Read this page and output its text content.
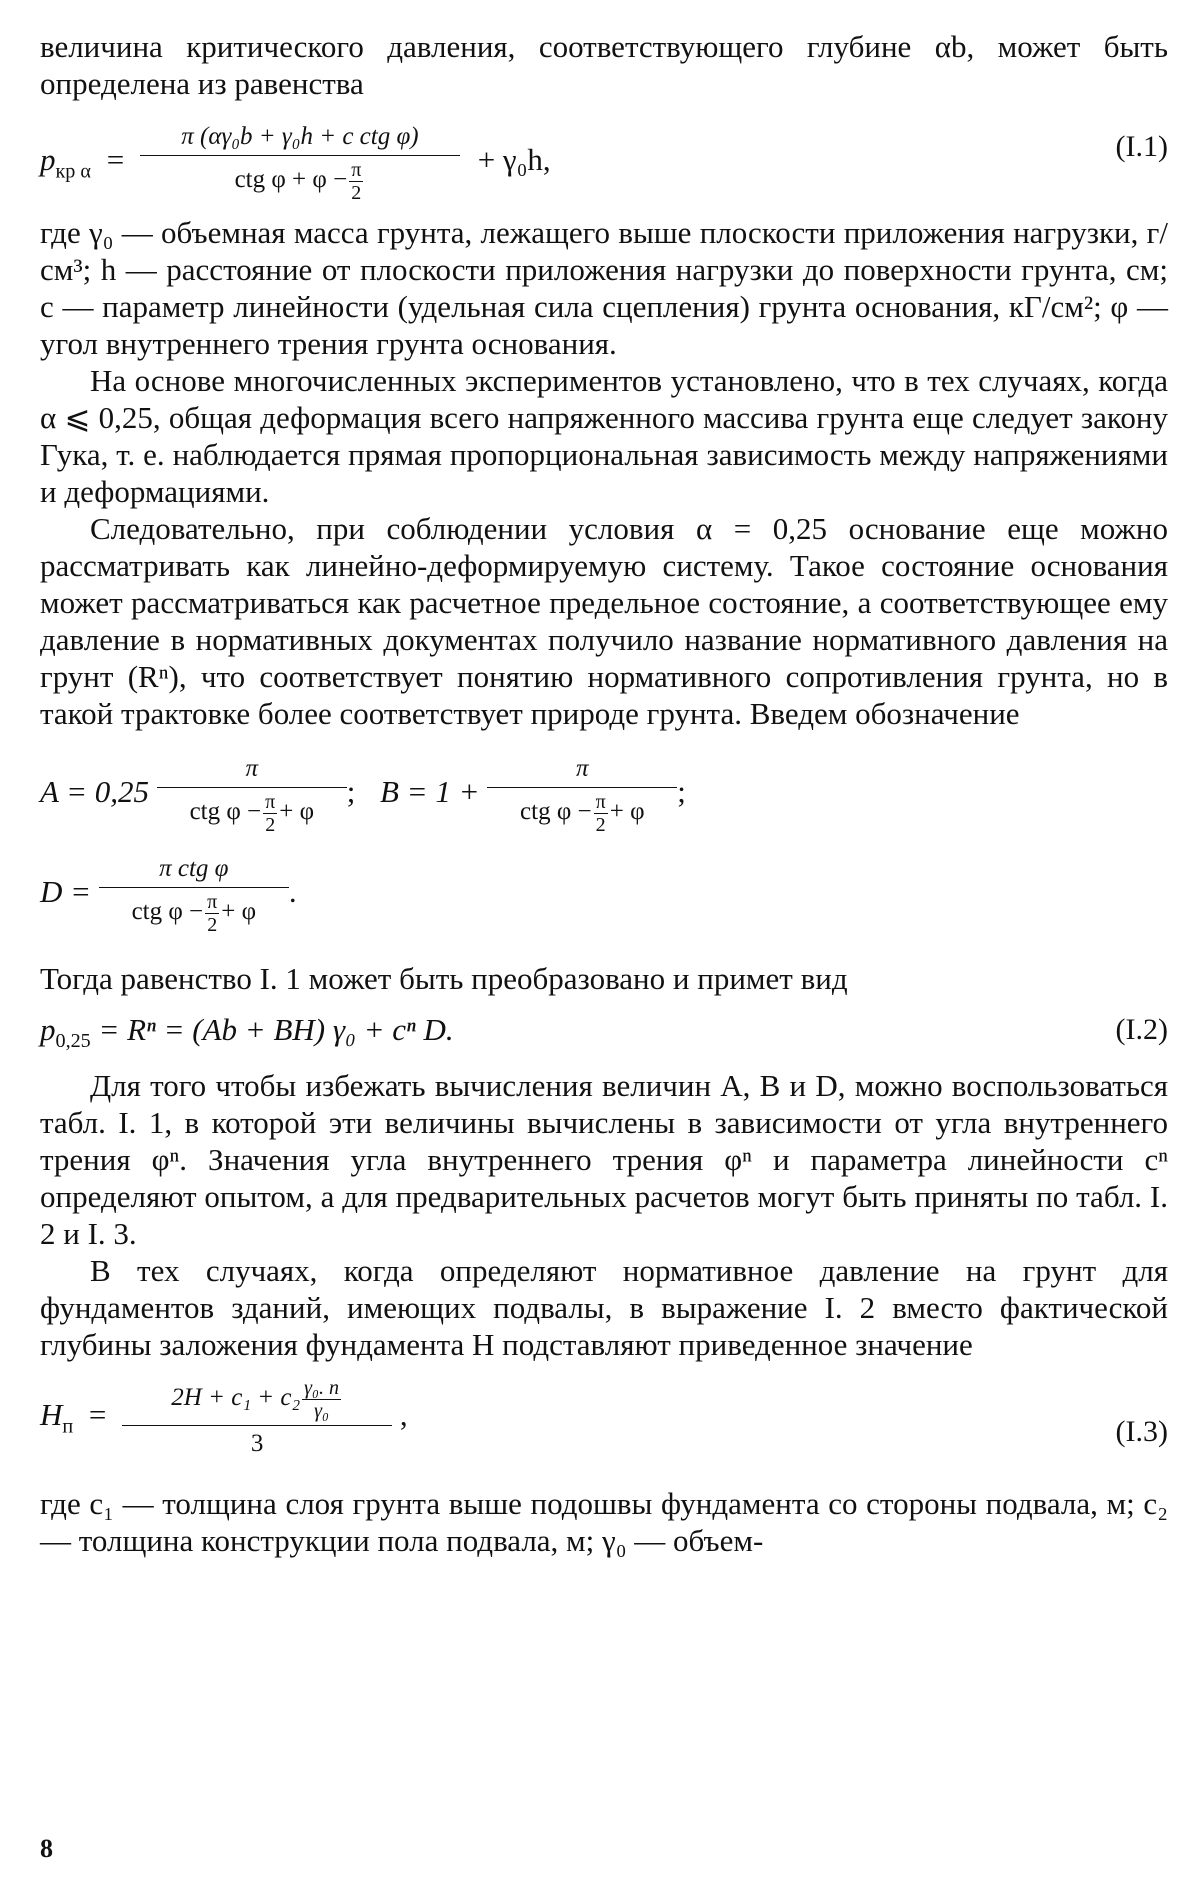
величина критического давления, соответствующего глубине αb, может быть определена из равенства

$p_{кр \alpha} = \frac{\text{π (αγ₀b + γ₀h + c ctg φ)}}{ctg \varphi + \varphi - \frac{\pi}{2}} + \gamma_0h$,	(I.1)

где γ₀ — объемная масса грунта, лежащего выше плоскости приложения нагрузки, г/см³; h — расстояние от плоскости приложения нагрузки до поверхности грунта, см; c — параметр линейности (удельная сила сцепления) грунта основания, кГ/см²; φ — угол внутреннего трения грунта основания.

На основе многочисленных экспериментов установлено, что в тех случаях, когда α ⩽ 0,25, общая деформация всего напряженного массива грунта еще следует закону Гука, т. е. наблюдается прямая пропорциональная зависимость между напряжениями и деформациями.

Следовательно, при соблюдении условия α = 0,25 основание еще можно рассматривать как линейно-деформируемую систему. Такое состояние основания может рассматриваться как расчетное предельное состояние, а соответствующее ему давление в нормативных документах получило название нормативного давления на грунт (Rⁿ), что соответствует понятию нормативного сопротивления грунта, но в такой трактовке более соответствует природе грунта. Введем обозначение

$A = 0,25 \frac{\pi}{ctg \varphi - \frac{\pi}{2} + \varphi}$ ; $B = 1 + \frac{\pi}{ctg \varphi - \frac{\pi}{2} + \varphi}$ ;
$D = \frac{\text{π ctg φ}}{ctg \varphi - \frac{\pi}{2} + \varphi}$ .

Тогда равенство I. 1 может быть преобразовано и примет вид

$p_{0,25} = R^n = (Ab + BH) \gamma_0 + c^n$ D.	(I.2)

Для того чтобы избежать вычисления величин A, B и D, можно воспользоваться табл. I. 1, в которой эти величины вычислены в зависимости от угла внутреннего трения φⁿ. Значения угла внутреннего трения φⁿ и параметра линейности cⁿ определяют опытом, а для предварительных расчетов могут быть приняты по табл. I. 2 и I. 3.

В тех случаях, когда определяют нормативное давление на грунт для фундаментов зданий, имеющих подвалы, в выражение I. 2 вместо фактической глубины заложения фундамента H подставляют приведенное значение

$H_п = 2H + c_1 + c_2$ γ₀. п
γ₀
3 ,	(I.3)

где c₁ — толщина слоя грунта выше подошвы фундамента со стороны подвала, м; c₂ — толщина конструкции пола подвала, м; γ₀ — объем-

8
